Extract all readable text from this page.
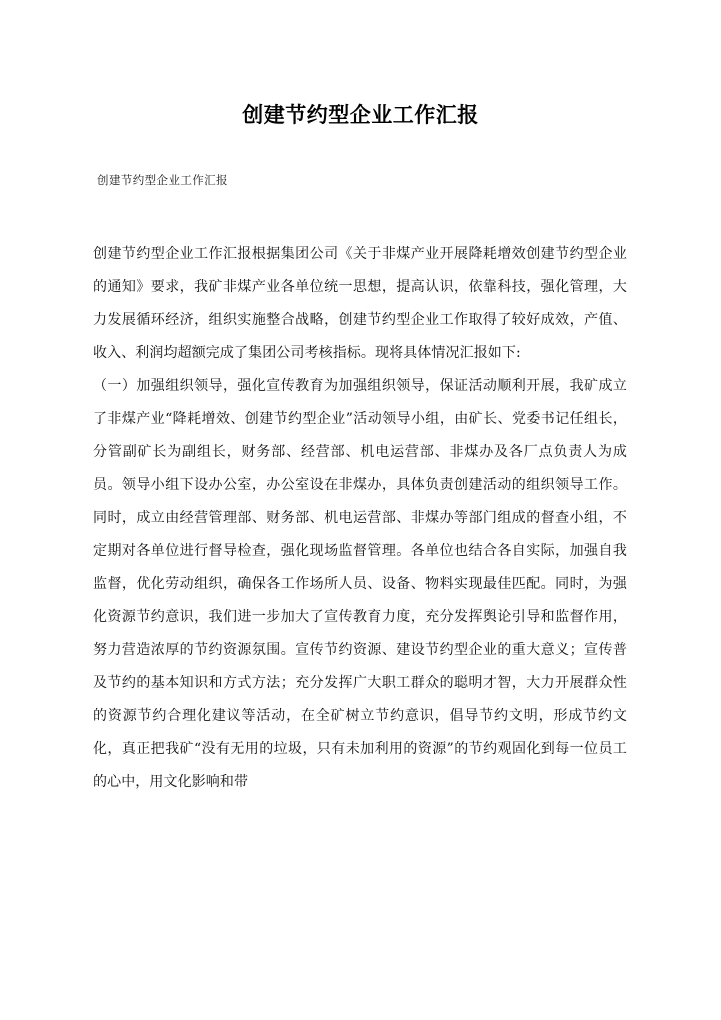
创建节约型企业工作汇报
创建节约型企业工作汇报

创建节约型企业工作汇报根据集团公司《关于非煤产业开展降耗增效创建节约型企业的通知》要求，我矿非煤产业各单位统一思想，提高认识，依靠科技，强化管理，大力发展循环经济，组织实施整合战略，创建节约型企业工作取得了较好成效，产值、收入、利润均超额完成了集团公司考核指标。现将具体情况汇报如下:

（一）加强组织领导，强化宣传教育为加强组织领导，保证活动顺利开展，我矿成立了非煤产业“降耗增效、创建节约型企业”活动领导小组，由矿长、党委书记任组长，分管副矿长为副组长，财务部、经营部、机电运营部、非煤办及各厂点负责人为成员。领导小组下设办公室，办公室设在非煤办，具体负责创建活动的组织领导工作。同时，成立由经营管理部、财务部、机电运营部、非煤办等部门组成的督查小组，不定期对各单位进行督导检查，强化现场监督管理。各单位也结合各自实际，加强自我监督，优化劳动组织，确保各工作场所人员、设备、物料实现最佳匹配。同时，为强化资源节约意识，我们进一步加大了宣传教育力度，充分发挥舆论引导和监督作用，努力营造浓厚的节约资源氛围。宣传节约资源、建设节约型企业的重大意义；宣传普及节约的基本知识和方式方法；充分发挥广大职工群众的聪明才智，大力开展群众性的资源节约合理化建议等活动，在全矿树立节约意识，倡导节约文明，形成节约文化，真正把我矿“没有无用的垃圾，只有未加利用的资源”的节约观固化到每一位员工的心中，用文化影响和带
